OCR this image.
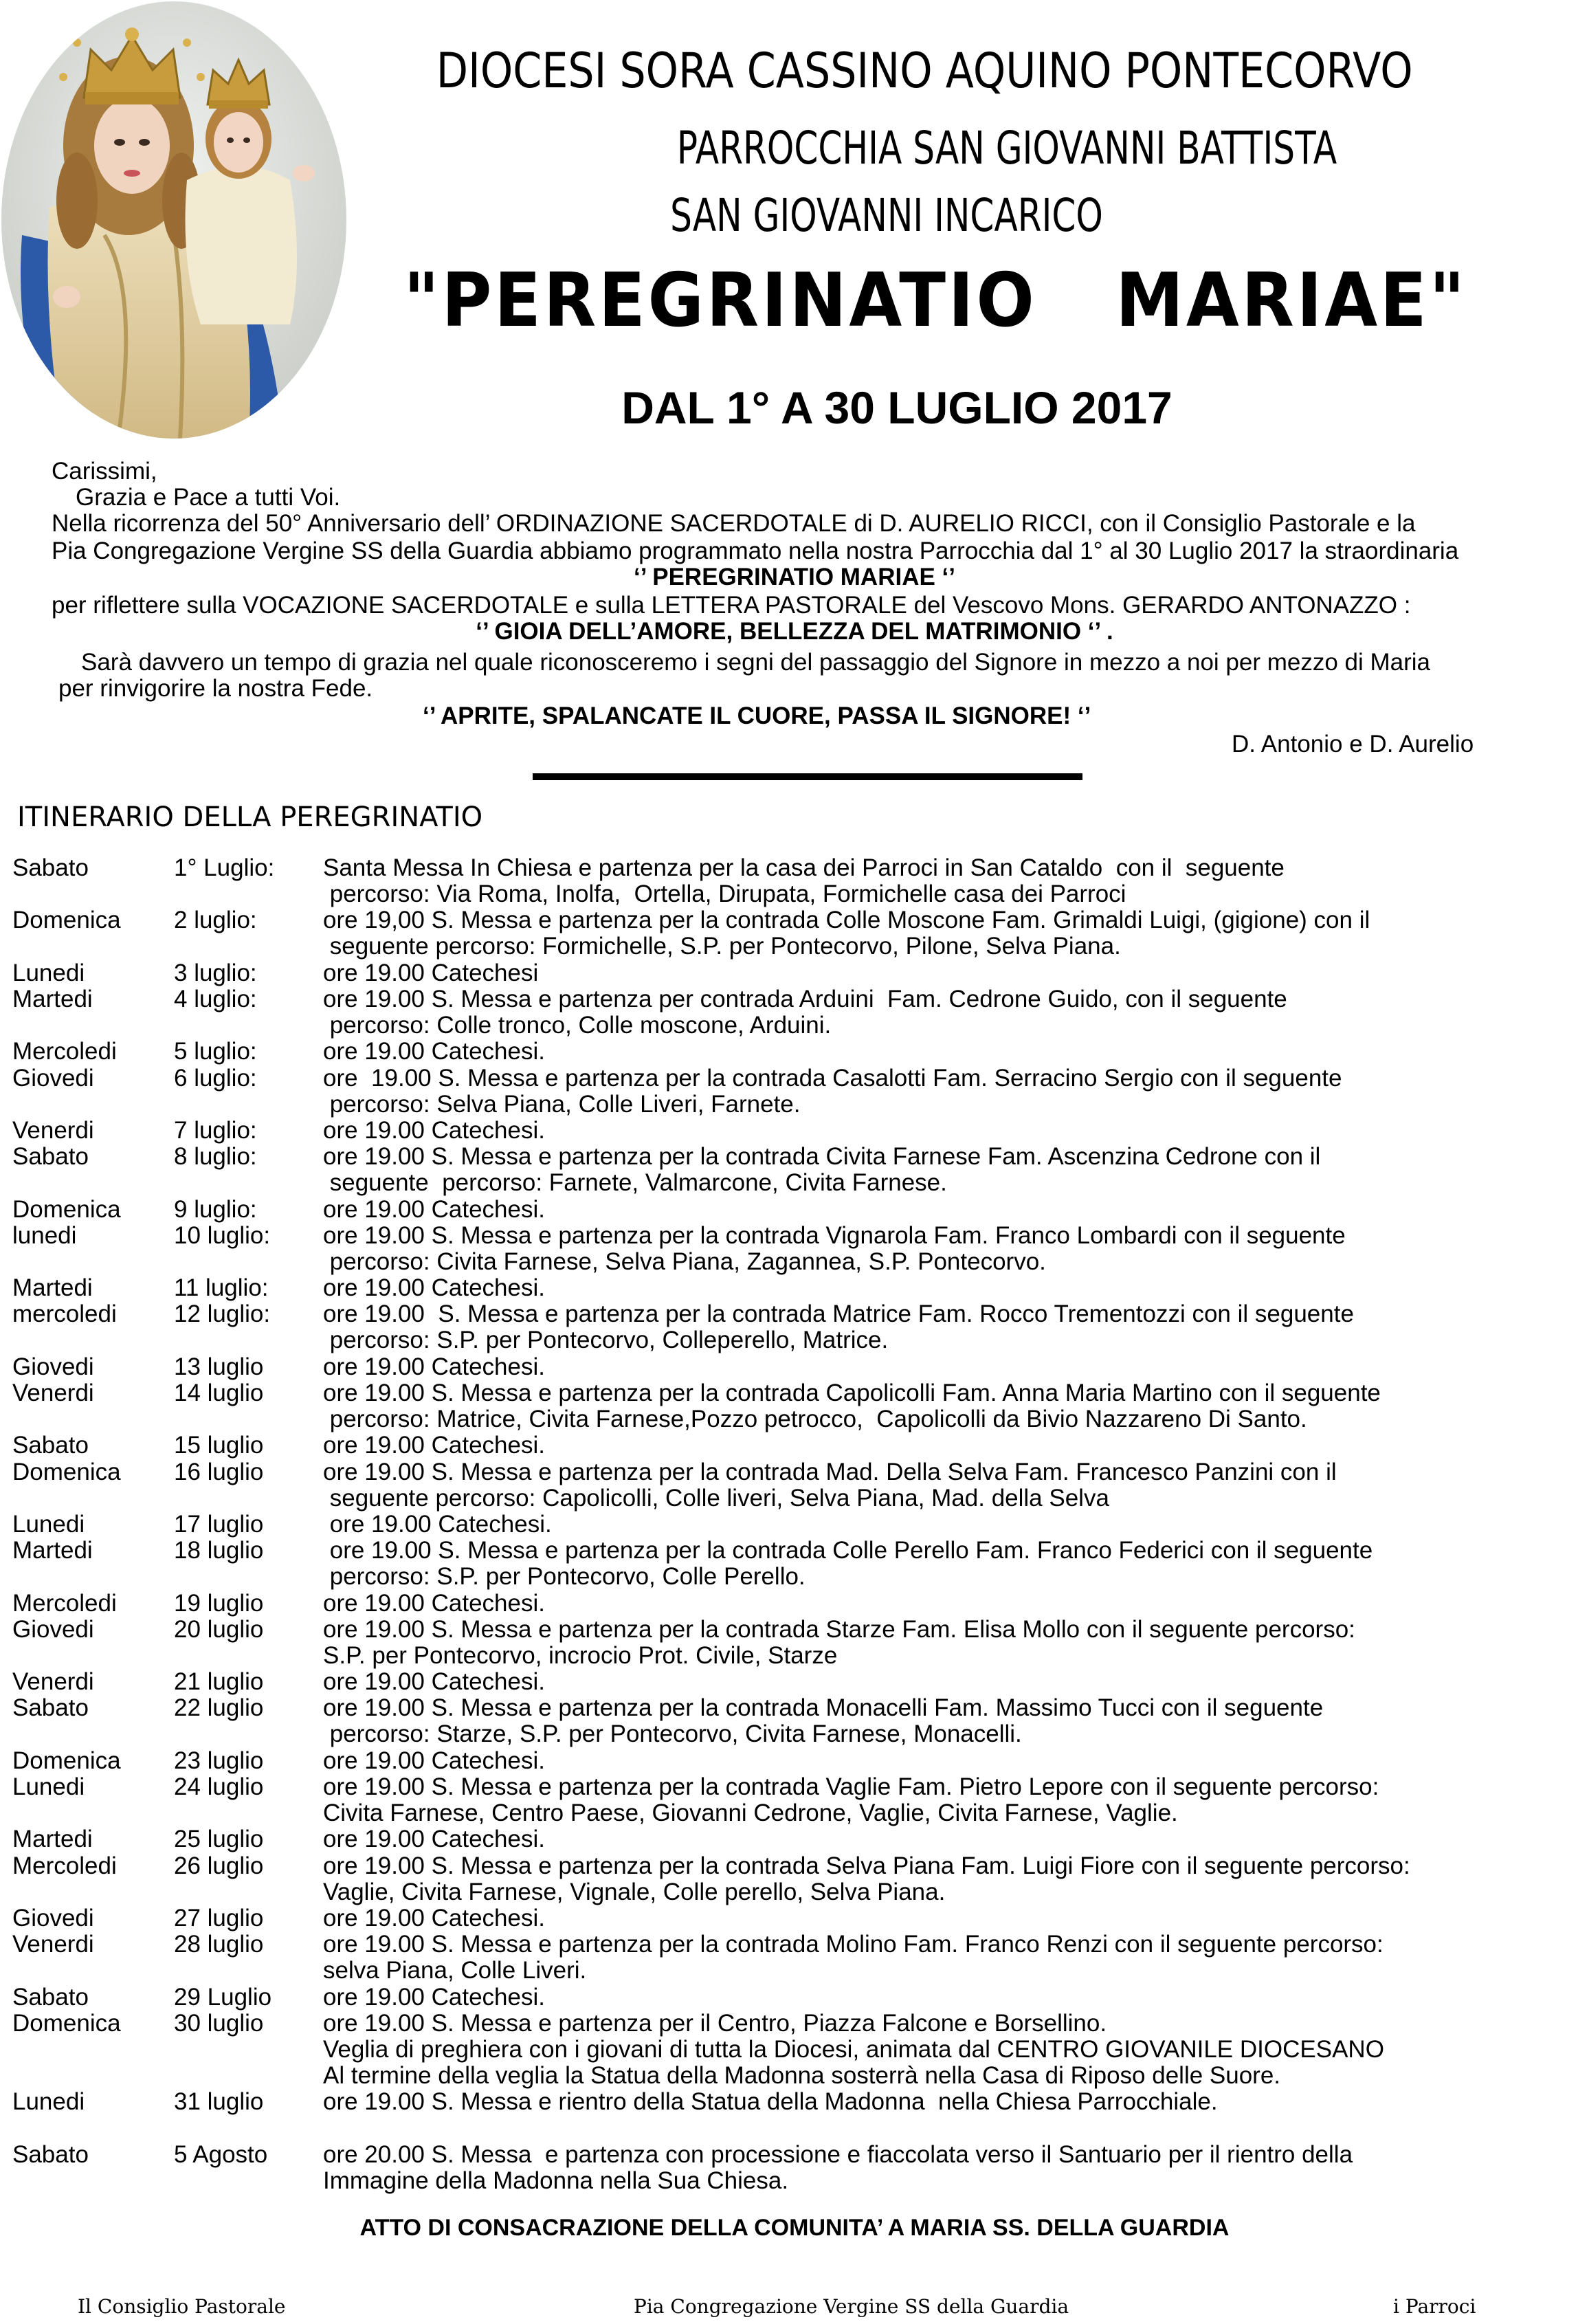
DIOCESI SORA CASSINO AQUINO PONTECORVO
PARROCCHIA SAN GIOVANNI BATTISTA
SAN GIOVANNI INCARICO
"PEREGRINATIO   MARIAE"
DAL 1° A 30 LUGLIO 2017
Carissimi,
Grazia e Pace a tutti Voi.
Nella ricorrenza del 50° Anniversario dell’ ORDINAZIONE SACERDOTALE di D. AURELIO RICCI, con il Consiglio Pastorale e la
Pia Congregazione Vergine SS della Guardia abbiamo programmato nella nostra Parrocchia dal 1° al 30 Luglio 2017 la straordinaria
‘’ PEREGRINATIO MARIAE ‘’
per riflettere sulla VOCAZIONE SACERDOTALE e sulla LETTERA PASTORALE del Vescovo Mons. GERARDO ANTONAZZO :
‘’ GIOIA DELL’AMORE, BELLEZZA DEL MATRIMONIO ‘’ .
Sarà davvero un tempo di grazia nel quale riconosceremo i segni del passaggio del Signore in mezzo a noi per mezzo di Maria
per rinvigorire la nostra Fede.
‘’ APRITE, SPALANCATE IL CUORE, PASSA IL SIGNORE! ‘’
D. Antonio e D. Aurelio
ITINERARIO DELLA PEREGRINATIO
Sabato	1° Luglio: Santa Messa In Chiesa e partenza per la casa dei Parroci in San Cataldo  con il  seguente
percorso: Via Roma, Inolfa,  Ortella, Dirupata, Formichelle casa dei Parroci
Domenica 2 luglio:	ore 19,00 S. Messa e partenza per la contrada Colle Moscone Fam. Grimaldi Luigi, (gigione) con il
seguente percorso: Formichelle, S.P. per Pontecorvo, Pilone, Selva Piana.
Lunedi	3 luglio:	ore 19.00 Catechesi
Martedi	4 luglio:	ore 19.00 S. Messa e partenza per contrada Arduini  Fam. Cedrone Guido, con il seguente
percorso: Colle tronco, Colle moscone, Arduini.
Mercoledi 5 luglio:	ore 19.00 Catechesi.
Giovedi	6 luglio:	ore  19.00 S. Messa e partenza per la contrada Casalotti Fam. Serracino Sergio con il seguente
percorso: Selva Piana, Colle Liveri, Farnete.
Venerdi	7 luglio:	ore 19.00 Catechesi.
Sabato	8 luglio:	ore 19.00 S. Messa e partenza per la contrada Civita Farnese Fam. Ascenzina Cedrone con il
seguente  percorso: Farnete, Valmarcone, Civita Farnese.
Domenica 9 luglio:	ore 19.00 Catechesi.
lunedi	10 luglio: ore 19.00 S. Messa e partenza per la contrada Vignarola Fam. Franco Lombardi con il seguente
percorso: Civita Farnese, Selva Piana, Zagannea, S.P. Pontecorvo.
Martedi	11 luglio: ore 19.00 Catechesi.
mercoledi 12 luglio: ore 19.00  S. Messa e partenza per la contrada Matrice Fam. Rocco Trementozzi con il seguente
percorso: S.P. per Pontecorvo, Colleperello, Matrice.
Giovedi	13 luglio ore 19.00 Catechesi.
Venerdi	14 luglio ore 19.00 S. Messa e partenza per la contrada Capolicolli Fam. Anna Maria Martino con il seguente
percorso: Matrice, Civita Farnese,Pozzo petrocco,  Capolicolli da Bivio Nazzareno Di Santo.
Sabato	15 luglio ore 19.00 Catechesi.
Domenica 16 luglio ore 19.00 S. Messa e partenza per la contrada Mad. Della Selva Fam. Francesco Panzini con il
seguente percorso: Capolicolli, Colle liveri, Selva Piana, Mad. della Selva
Lunedi	17 luglio ore 19.00 Catechesi.
Martedi	18 luglio ore 19.00 S. Messa e partenza per la contrada Colle Perello Fam. Franco Federici con il seguente
percorso: S.P. per Pontecorvo, Colle Perello.
Mercoledi 19 luglio ore 19.00 Catechesi.
Giovedi	20 luglio ore 19.00 S. Messa e partenza per la contrada Starze Fam. Elisa Mollo con il seguente percorso:
S.P. per Pontecorvo, incrocio Prot. Civile, Starze
Venerdi	21 luglio ore 19.00 Catechesi.
Sabato	22 luglio ore 19.00 S. Messa e partenza per la contrada Monacelli Fam. Massimo Tucci con il seguente
percorso: Starze, S.P. per Pontecorvo, Civita Farnese, Monacelli.
Domenica 23 luglio ore 19.00 Catechesi.
Lunedi	24 luglio ore 19.00 S. Messa e partenza per la contrada Vaglie Fam. Pietro Lepore con il seguente percorso:
Civita Farnese, Centro Paese, Giovanni Cedrone, Vaglie, Civita Farnese, Vaglie.
Martedi	25 luglio ore 19.00 Catechesi.
Mercoledi 26 luglio ore 19.00 S. Messa e partenza per la contrada Selva Piana Fam. Luigi Fiore con il seguente percorso:
Vaglie, Civita Farnese, Vignale, Colle perello, Selva Piana.
Giovedi	27 luglio ore 19.00 Catechesi.
Venerdi	28 luglio ore 19.00 S. Messa e partenza per la contrada Molino Fam. Franco Renzi con il seguente percorso:
selva Piana, Colle Liveri.
Sabato	29 Luglio ore 19.00 Catechesi.
Domenica 30 luglio ore 19.00 S. Messa e partenza per il Centro, Piazza Falcone e Borsellino.
Veglia di preghiera con i giovani di tutta la Diocesi, animata dal CENTRO GIOVANILE DIOCESANO
Al termine della veglia la Statua della Madonna sosterrà nella Casa di Riposo delle Suore.
Lunedi	31 luglio ore 19.00 S. Messa e rientro della Statua della Madonna  nella Chiesa Parrocchiale.
Sabato	5 Agosto ore 20.00 S. Messa  e partenza con processione e fiaccolata verso il Santuario per il rientro della
Immagine della Madonna nella Sua Chiesa.
ATTO DI CONSACRAZIONE DELLA COMUNITA’ A MARIA SS. DELLA GUARDIA
Il Consiglio Pastorale	Pia Congregazione Vergine SS della Guardia	i Parroci
